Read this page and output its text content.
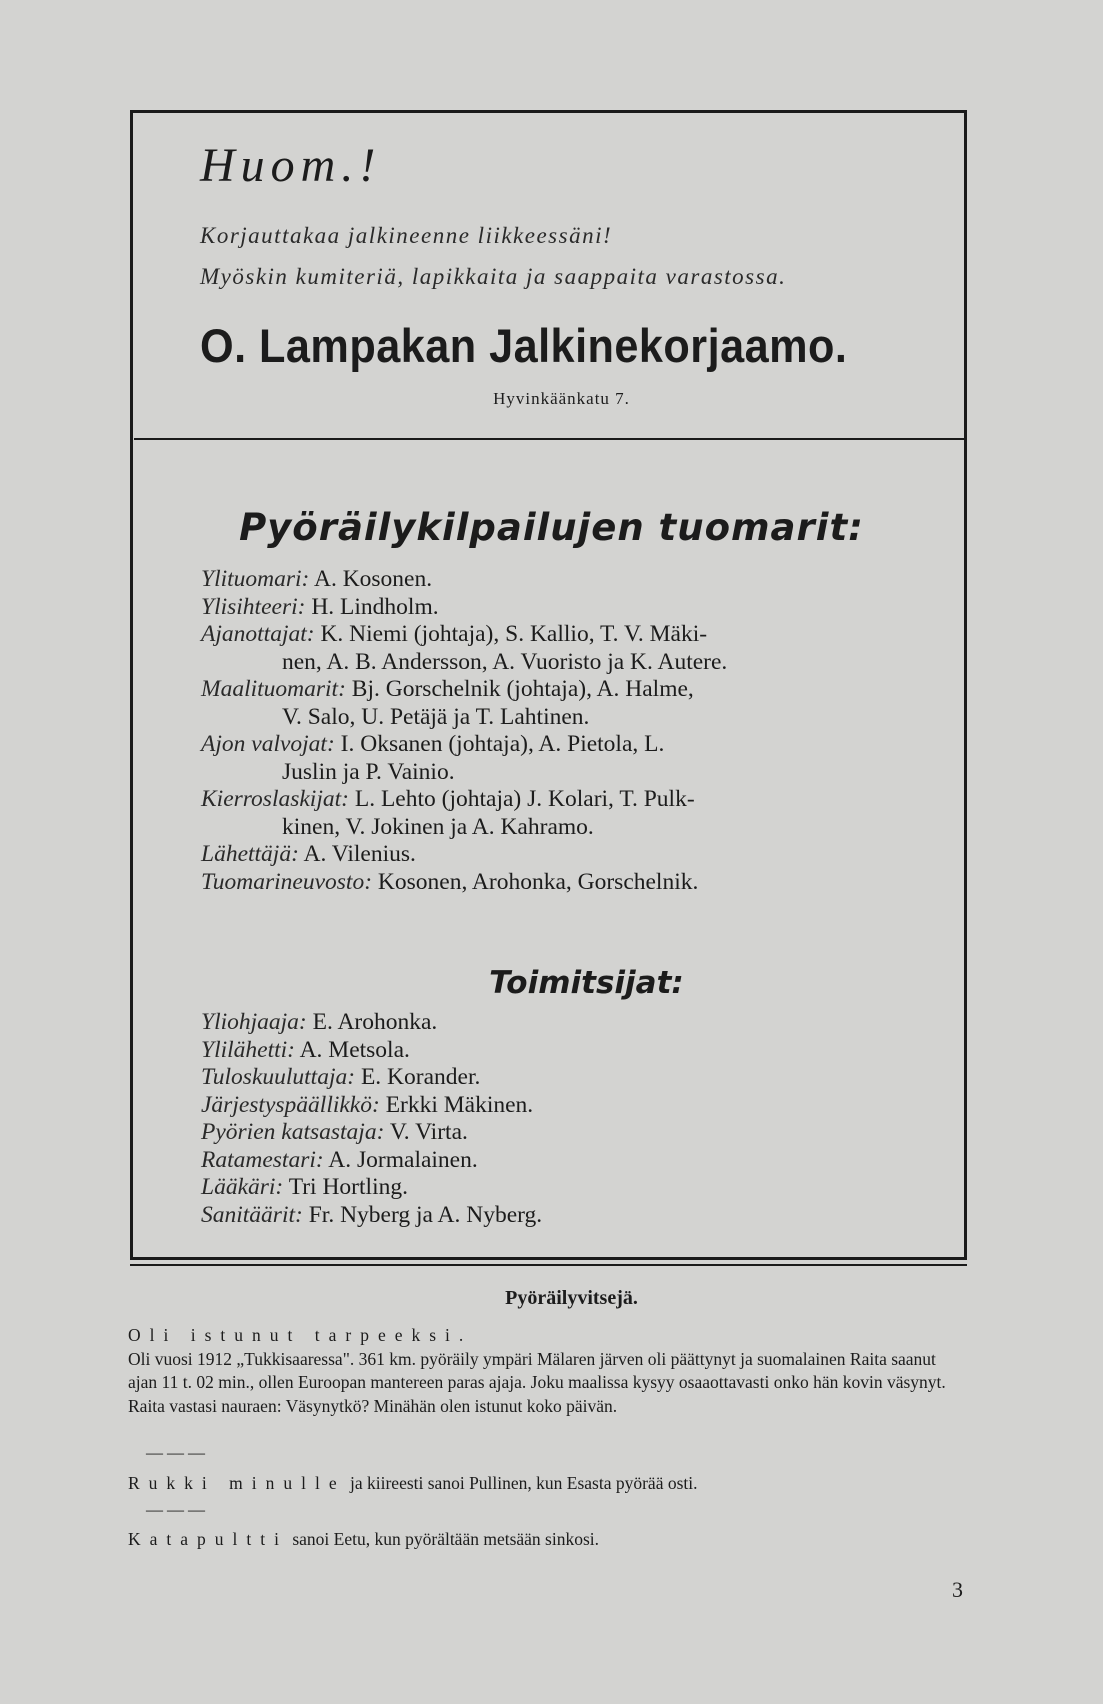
Huom.!
Korjauttakaa jalkineenne liikkeessäni!
Myöskin kumiteriä, lapikkaita ja saappaita varastossa.
O. Lampakan Jalkinekorjaamo.
Hyvinkäänkatu 7.
Pyöräilykilpailujen tuomarit:
Ylituomari: A. Kosonen.
Ylisihteeri: H. Lindholm.
Ajanottajat: K. Niemi (johtaja), S. Kallio, T. V. Mäki-
nen, A. B. Andersson, A. Vuoristo ja K. Autere.
Maalituomarit: Bj. Gorschelnik (johtaja), A. Halme,
V. Salo, U. Petäjä ja T. Lahtinen.
Ajon valvojat: I. Oksanen (johtaja), A. Pietola, L.
Juslin ja P. Vainio.
Kierroslaskijat: L. Lehto (johtaja) J. Kolari, T. Pulk-
kinen, V. Jokinen ja A. Kahramo.
Lähettäjä: A. Vilenius.
Tuomarineuvosto: Kosonen, Arohonka, Gorschelnik.
Toimitsijat:
Yliohjaaja: E. Arohonka.
Ylilähetti: A. Metsola.
Tuloskuuluttaja: E. Korander.
Järjestyspäällikkö: Erkki Mäkinen.
Pyörien katsastaja: V. Virta.
Ratamestari: A. Jormalainen.
Lääkäri: Tri Hortling.
Sanitäärit: Fr. Nyberg ja A. Nyberg.
Pyöräilyvitsejä.
Oli istunut tarpeeksi.
Oli vuosi 1912 „Tukkisaaressa". 361 km. pyöräily ympäri Mälaren järven oli päättynyt ja suomalainen Raita saanut ajan 11 t. 02 min., ollen Euroopan mantereen paras ajaja. Joku maalissa kysyy osaaottavasti onko hän kovin väsynyt. Raita vastasi nauraen: Väsynytkö? Minähän olen istunut koko päivän.
———
Rukki minulle ja kiireesti sanoi Pullinen, kun Esasta pyörää osti.
———
Katapultti sanoi Eetu, kun pyörältään metsään sinkosi.
3
